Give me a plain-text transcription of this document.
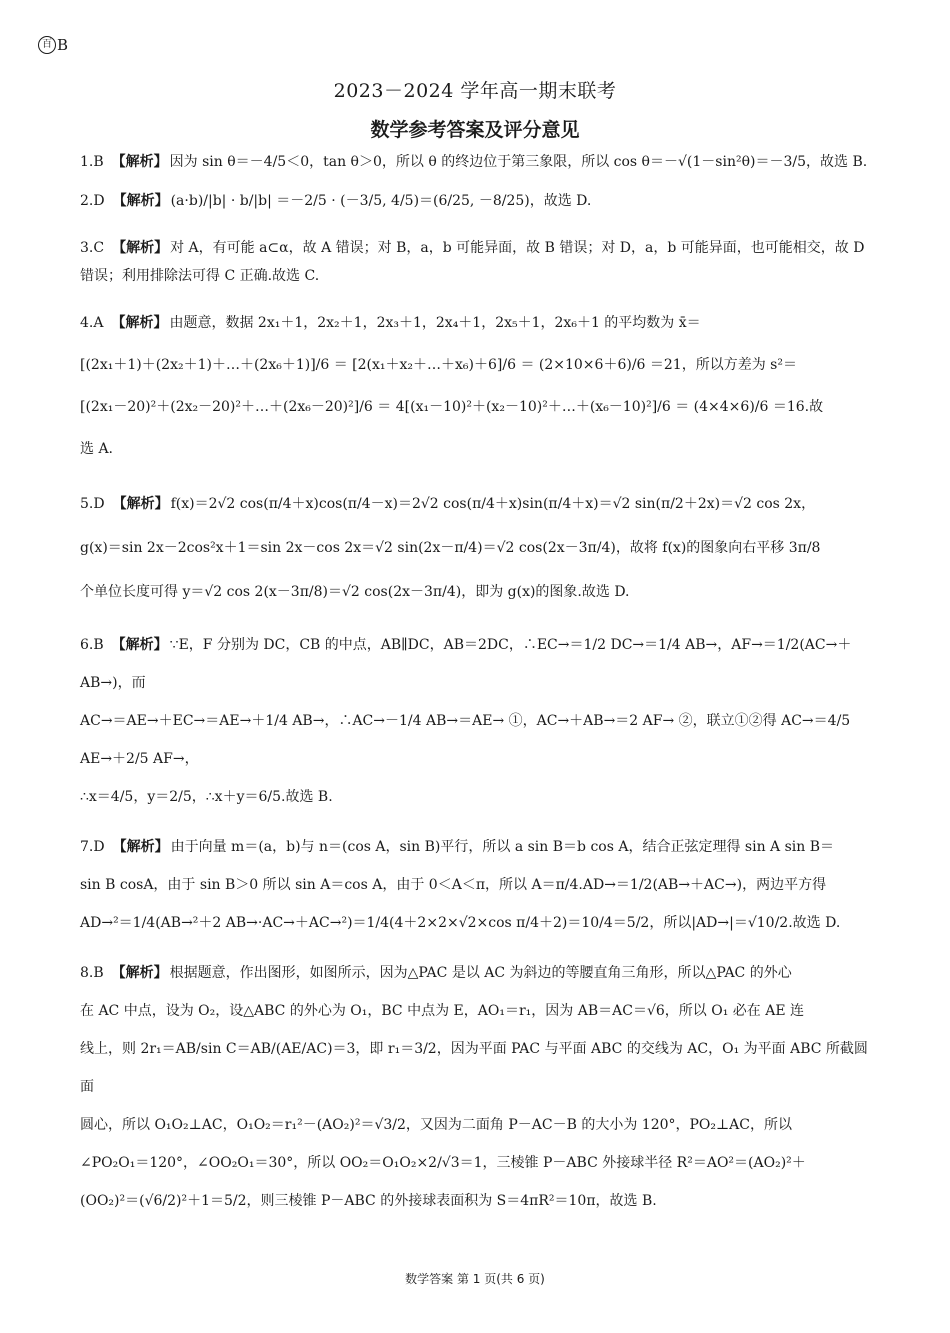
百 B
2023－2024 学年高一期末联考
数学参考答案及评分意见
1.B 【解析】 因为 sin θ＝－4/5＜0，tan θ＞0，所以 θ 的终边位于第三象限，所以 cos θ＝－√(1－sin²θ)＝－3/5，故选 B.
2.D 【解析】 (a·b)/|b| · b/|b| ＝－2/5 · (－3/5, 4/5)＝(6/25, －8/25)，故选 D.
3.C 【解析】 对 A，有可能 a⊂α，故 A 错误；对 B，a，b 可能异面，故 B 错误；对 D，a，b 可能异面，也可能相交，故 D
错误；利用排除法可得 C 正确.故选 C.
4.A 【解析】 由题意，数据 2x₁＋1，2x₂＋1，2x₃＋1，2x₄＋1，2x₅＋1，2x₆＋1 的平均数为 x̄＝
[(2x₁＋1)＋(2x₂＋1)＋…＋(2x₆＋1)]/6 ＝ [2(x₁＋x₂＋…＋x₆)＋6]/6 ＝ (2×10×6＋6)/6 ＝21，所以方差为 s²＝
[(2x₁－20)²＋(2x₂－20)²＋…＋(2x₆－20)²]/6 ＝ 4[(x₁－10)²＋(x₂－10)²＋…＋(x₆－10)²]/6 ＝ (4×4×6)/6 ＝16.故
选 A.
5.D 【解析】 f(x)＝2√2 cos(π/4＋x)cos(π/4－x)＝2√2 cos(π/4＋x)sin(π/4＋x)＝√2 sin(π/2＋2x)＝√2 cos 2x，
g(x)＝sin 2x－2cos²x＋1＝sin 2x－cos 2x＝√2 sin(2x－π/4)＝√2 cos(2x－3π/4)，故将 f(x)的图象向右平移 3π/8
个单位长度可得 y＝√2 cos 2(x－3π/8)＝√2 cos(2x－3π/4)，即为 g(x)的图象.故选 D.
6.B 【解析】 ∵E，F 分别为 DC，CB 的中点，AB∥DC，AB＝2DC，∴EC→＝1/2 DC→＝1/4 AB→，AF→＝1/2(AC→＋AB→)，而
AC→＝AE→＋EC→＝AE→＋1/4 AB→，∴AC→－1/4 AB→＝AE→ ①，AC→＋AB→＝2 AF→ ②，联立①②得 AC→＝4/5 AE→＋2/5 AF→，
∴x＝4/5，y＝2/5，∴x＋y＝6/5.故选 B.
7.D 【解析】 由于向量 m＝(a，b)与 n＝(cos A，sin B)平行，所以 a sin B＝b cos A，结合正弦定理得 sin A sin B＝
sin B cosA，由于 sin B＞0 所以 sin A＝cos A，由于 0＜A＜π，所以 A＝π/4.AD→＝1/2(AB→＋AC→)，两边平方得
AD→²＝1/4(AB→²＋2 AB→·AC→＋AC→²)＝1/4(4＋2×2×√2×cos π/4＋2)＝10/4＝5/2，所以|AD→|＝√10/2.故选 D.
8.B 【解析】 根据题意，作出图形，如图所示，因为△PAC 是以 AC 为斜边的等腰直角三角形，所以△PAC 的外心
在 AC 中点，设为 O₂，设△ABC 的外心为 O₁，BC 中点为 E，AO₁＝r₁，因为 AB＝AC＝√6，所以 O₁ 必在 AE 连
线上，则 2r₁＝AB/sin C＝AB/(AE/AC)＝3，即 r₁＝3/2，因为平面 PAC 与平面 ABC 的交线为 AC，O₁ 为平面 ABC 所截圆面
圆心，所以 O₁O₂⊥AC，O₁O₂＝r₁²－(AO₂)²＝√3/2，又因为二面角 P－AC－B 的大小为 120°，PO₂⊥AC，所以
∠PO₂O₁＝120°，∠OO₂O₁＝30°，所以 OO₂＝O₁O₂×2/√3＝1，三棱锥 P－ABC 外接球半径 R²＝AO²＝(AO₂)²＋
(OO₂)²＝(√6/2)²＋1＝5/2，则三棱锥 P－ABC 的外接球表面积为 S＝4πR²＝10π，故选 B.
数学答案 第 1 页(共 6 页)
